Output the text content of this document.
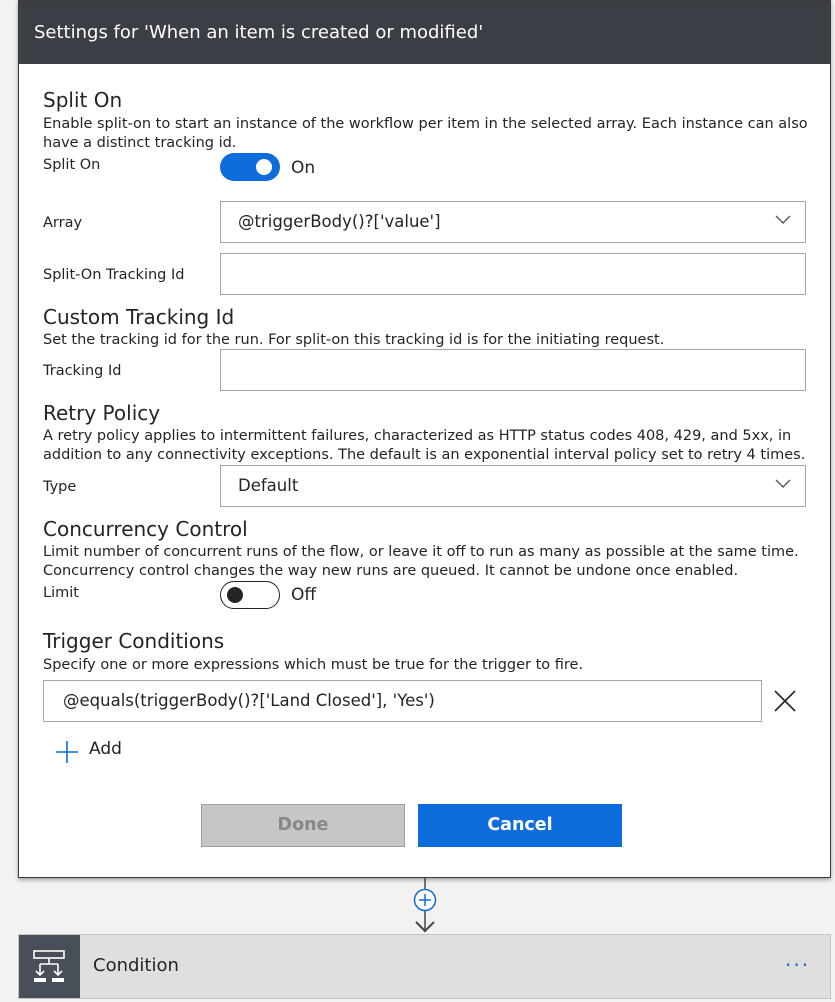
Settings for 'When an item is created or modified'
Split On
Enable split-on to start an instance of the workflow per item in the selected array. Each instance can also have a distinct tracking id.
Split On	On
Array	@triggerBody()?['value']
Split-On Tracking Id
Custom Tracking Id
Set the tracking id for the run. For split-on this tracking id is for the initiating request.
Tracking Id
Retry Policy
A retry policy applies to intermittent failures, characterized as HTTP status codes 408, 429, and 5xx, in addition to any connectivity exceptions. The default is an exponential interval policy set to retry 4 times.
Type	Default
Concurrency Control
Limit number of concurrent runs of the flow, or leave it off to run as many as possible at the same time. Concurrency control changes the way new runs are queued. It cannot be undone once enabled.
Limit	Off
Trigger Conditions
Specify one or more expressions which must be true for the trigger to fire.
@equals(triggerBody()?['Land Closed'], 'Yes')
Add
Done	Cancel
Condition	···
